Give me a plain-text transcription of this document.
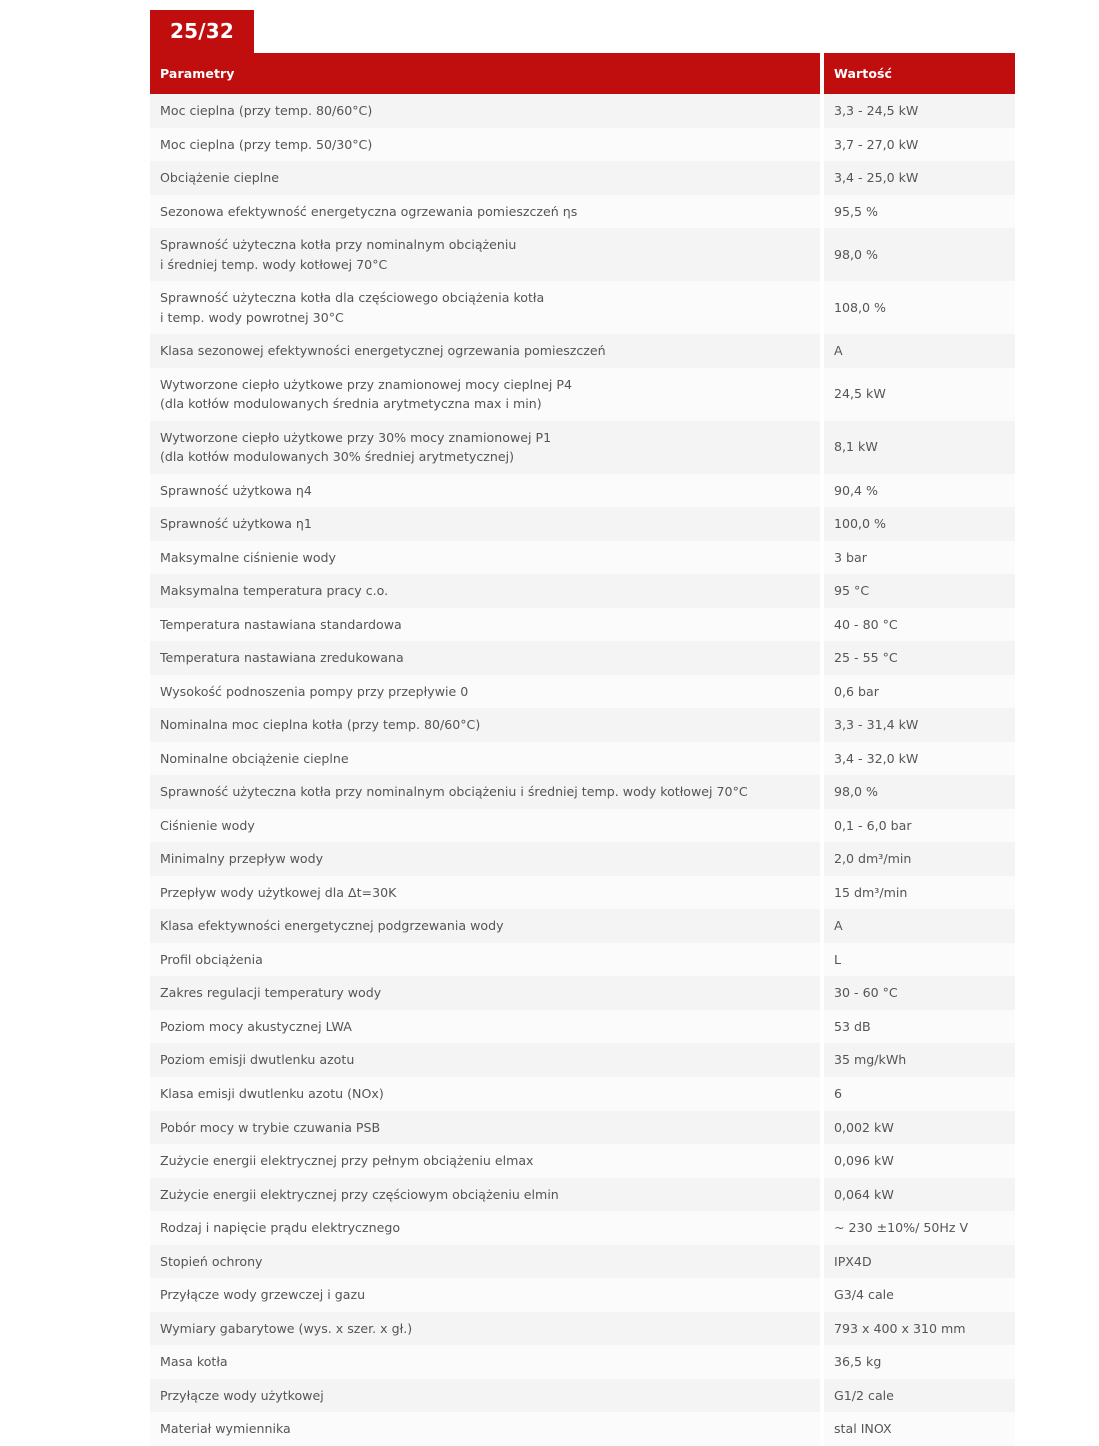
25/32
Parametry	Wartość

Moc cieplna (przy temp. 80/60°C)	3,3 - 24,5 kW

Moc cieplna (przy temp. 50/30°C)	3,7 - 27,0 kW

Obciążenie cieplne	3,4 - 25,0 kW

Sezonowa efektywność energetyczna ogrzewania pomieszczeń ηs	95,5 %

Sprawność użyteczna kotła przy nominalnym obciążeniu
i średniej temp. wody kotłowej 70°C	98,0 %

Sprawność użyteczna kotła dla częściowego obciążenia kotła
i temp. wody powrotnej 30°C	108,0 %

Klasa sezonowej efektywności energetycznej ogrzewania pomieszczeń	A

Wytworzone ciepło użytkowe przy znamionowej mocy cieplnej P4
(dla kotłów modulowanych średnia arytmetyczna max i min)	24,5 kW

Wytworzone ciepło użytkowe przy 30% mocy znamionowej P1
(dla kotłów modulowanych 30% średniej arytmetycznej)	8,1 kW

Sprawność użytkowa η4	90,4 %

Sprawność użytkowa η1	100,0 %

Maksymalne ciśnienie wody	3 bar

Maksymalna temperatura pracy c.o.	95 °C

Temperatura nastawiana standardowa	40 - 80 °C

Temperatura nastawiana zredukowana	25 - 55 °C

Wysokość podnoszenia pompy przy przepływie 0	0,6 bar

Nominalna moc cieplna kotła (przy temp. 80/60°C)	3,3 - 31,4 kW

Nominalne obciążenie cieplne	3,4 - 32,0 kW

Sprawność użyteczna kotła przy nominalnym obciążeniu i średniej temp. wody kotłowej 70°C	98,0 %

Ciśnienie wody	0,1 - 6,0 bar

Minimalny przepływ wody	2,0 dm³/min

Przepływ wody użytkowej dla Δt=30K	15 dm³/min

Klasa efektywności energetycznej podgrzewania wody	A

Profil obciążenia	L

Zakres regulacji temperatury wody	30 - 60 °C

Poziom mocy akustycznej LWA	53 dB

Poziom emisji dwutlenku azotu	35 mg/kWh

Klasa emisji dwutlenku azotu (NOx)	6

Pobór mocy w trybie czuwania PSB	0,002 kW

Zużycie energii elektrycznej przy pełnym obciążeniu elmax	0,096 kW

Zużycie energii elektrycznej przy częściowym obciążeniu elmin	0,064 kW

Rodzaj i napięcie prądu elektrycznego	~ 230 ±10%/ 50Hz V

Stopień ochrony	IPX4D

Przyłącze wody grzewczej i gazu	G3/4 cale

Wymiary gabarytowe (wys. x szer. x gł.)	793 x 400 x 310 mm

Masa kotła	36,5 kg

Przyłącze wody użytkowej	G1/2 cale

Materiał wymiennika	stal INOX
